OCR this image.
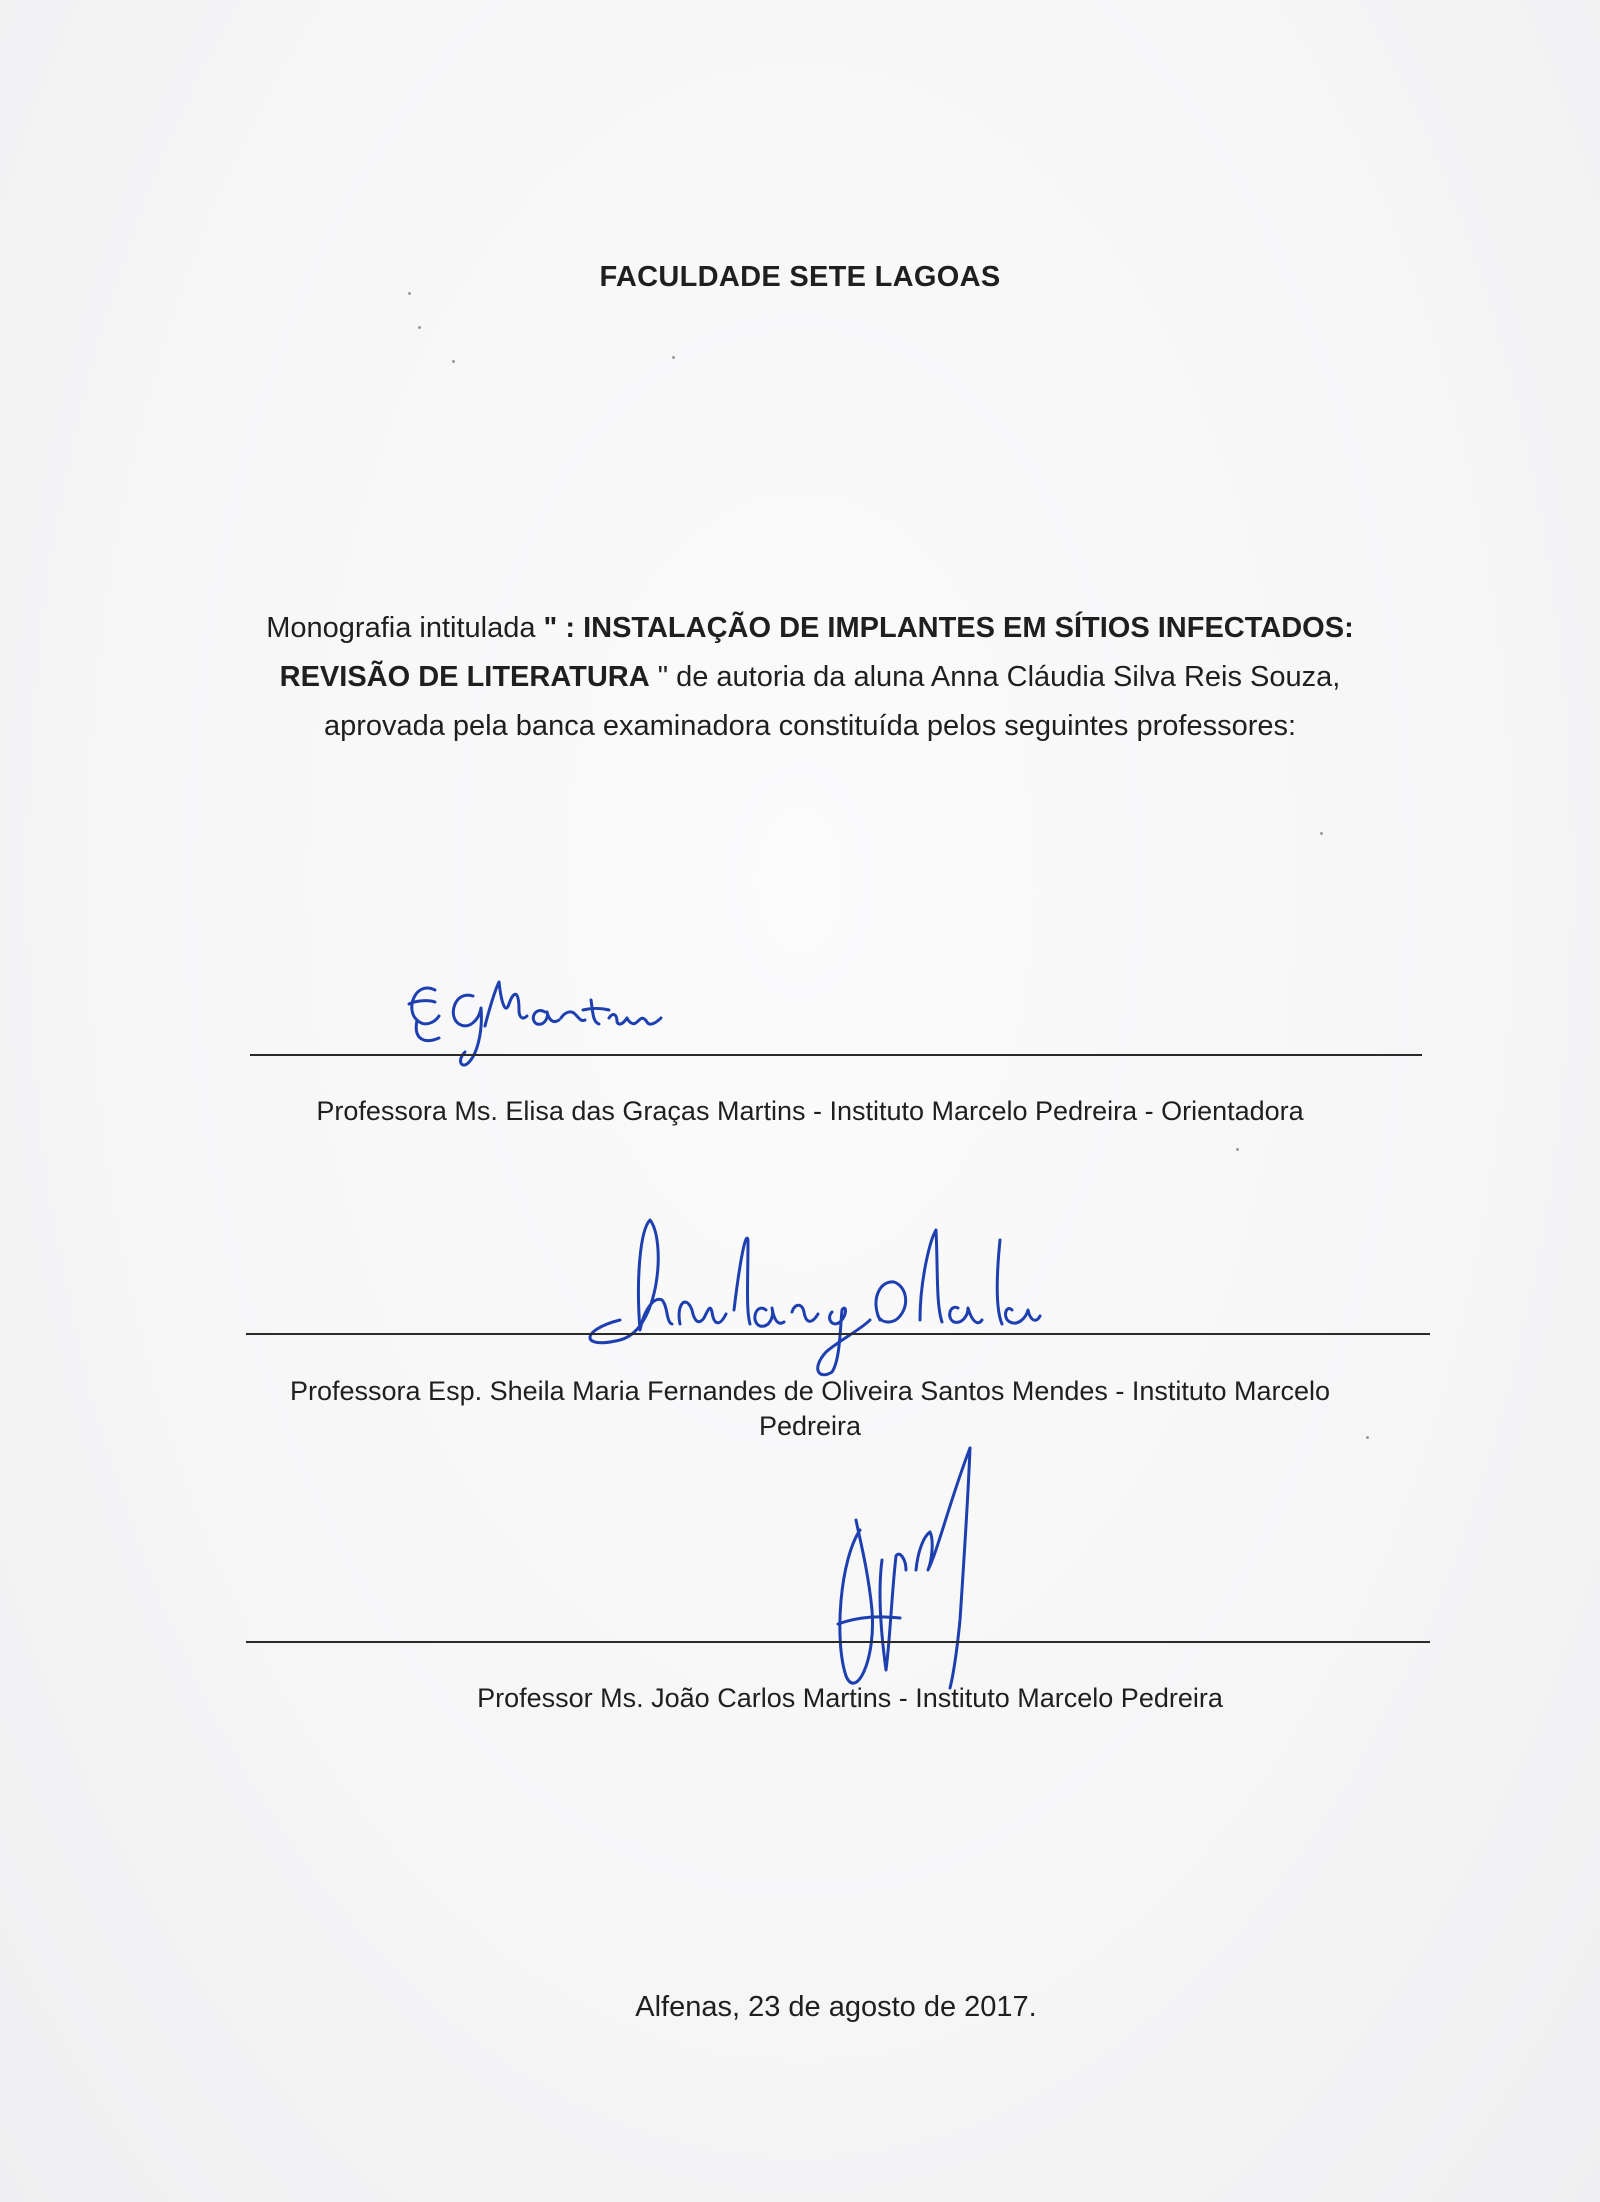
FACULDADE SETE LAGOAS
Monografia intitulada " : INSTALAÇÃO DE IMPLANTES EM SÍTIOS INFECTADOS:
REVISÃO DE LITERATURA " de autoria da aluna Anna Cláudia Silva Reis Souza,
aprovada pela banca examinadora constituída pelos seguintes professores:
Professora Ms. Elisa das Graças Martins - Instituto Marcelo Pedreira - Orientadora
Professora Esp. Sheila Maria Fernandes de Oliveira Santos Mendes - Instituto Marcelo
Pedreira
Professor Ms. João Carlos Martins - Instituto Marcelo Pedreira
Alfenas, 23 de agosto de 2017.
